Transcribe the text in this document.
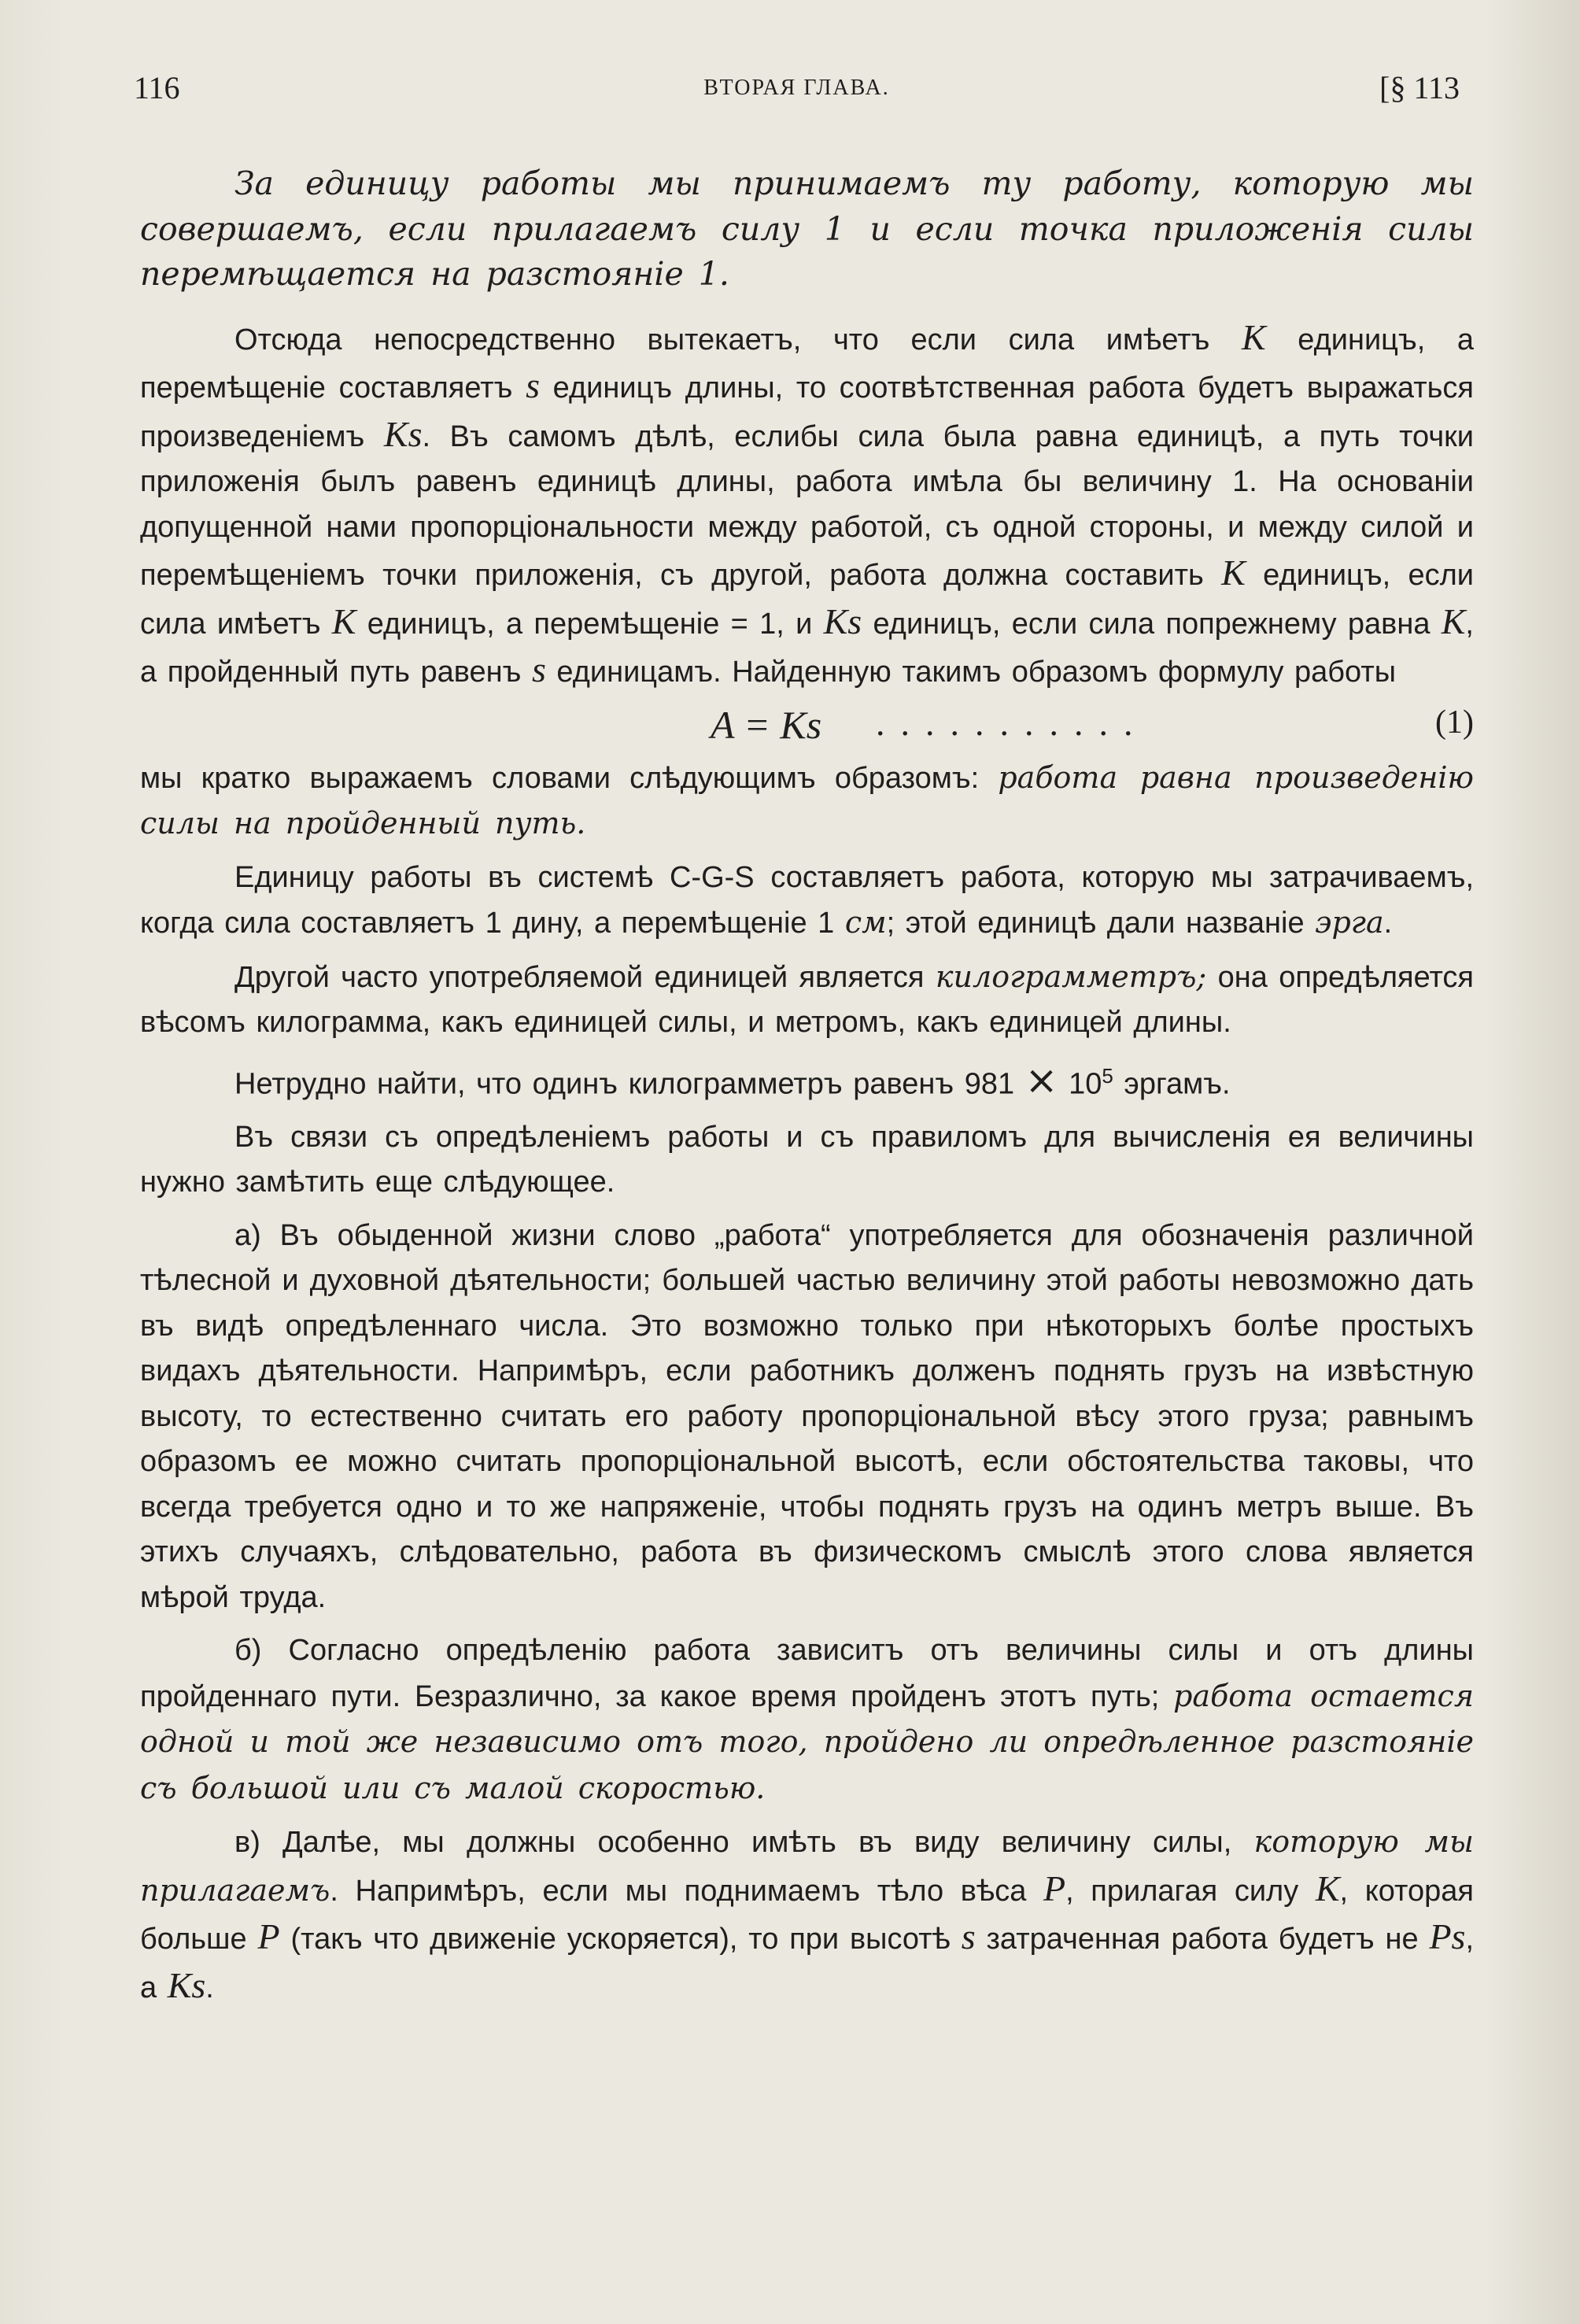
116	ВТОРАЯ ГЛАВА.	[§ 113

За единицу работы мы принимаемъ ту работу, которую мы совершаемъ, если прилагаемъ силу 1 и если точка приложенія силы перемѣщается на разстояніе 1.

Отсюда непосредственно вытекаетъ, что если сила имѣетъ K единицъ, а перемѣщеніе составляетъ s единицъ длины, то соотвѣтственная работа будетъ выражаться произведеніемъ Ks. Въ самомъ дѣлѣ, еслибы сила была равна единицѣ, а путь точки приложенія былъ равенъ единицѣ длины, работа имѣла бы величину 1. На основаніи допущенной нами пропорціональности между работой, съ одной стороны, и между силой и перемѣщеніемъ точки приложенія, съ другой, работа должна составить K единицъ, если сила имѣетъ K единицъ, а перемѣщеніе = 1, и Ks единицъ, если сила попрежнему равна K, а пройденный путь равенъ s единицамъ. Найденную такимъ образомъ формулу работы

A = Ks ...........	(1)

мы кратко выражаемъ словами слѣдующимъ образомъ: работа равна произведенію силы на пройденный путь.

Единицу работы въ системѣ C-G-S составляетъ работа, которую мы затрачиваемъ, когда сила составляетъ 1 дину, а перемѣщеніе 1 см; этой единицѣ дали названіе эрга.

Другой часто употребляемой единицей является килограмметръ; она опредѣляется вѣсомъ килограмма, какъ единицей силы, и метромъ, какъ единицей длины.

Нетрудно найти, что одинъ килограмметръ равенъ $981 \times 10^5$ эргамъ.

Въ связи съ опредѣленіемъ работы и съ правиломъ для вычисленія ея величины нужно замѣтить еще слѣдующее.

а) Въ обыденной жизни слово „работа“ употребляется для обозначенія различной тѣлесной и духовной дѣятельности; большей частью величину этой работы невозможно дать въ видѣ опредѣленнаго числа. Это возможно только при нѣкоторыхъ болѣе простыхъ видахъ дѣятельности. Напримѣръ, если работникъ долженъ поднять грузъ на извѣстную высоту, то естественно считать его работу пропорціональной вѣсу этого груза; равнымъ образомъ ее можно считать пропорціональной высотѣ, если обстоятельства таковы, что всегда требуется одно и то же напряженіе, чтобы поднять грузъ на одинъ метръ выше. Въ этихъ случаяхъ, слѣдовательно, работа въ физическомъ смыслѣ этого слова является мѣрой труда.

б) Согласно опредѣленію работа зависитъ отъ величины силы и отъ длины пройденнаго пути. Безразлично, за какое время пройденъ этотъ путь; работа остается одной и той же независимо отъ того, пройдено ли опредѣленное разстояніе съ большой или съ малой скоростью.

в) Далѣе, мы должны особенно имѣть въ виду величину силы, которую мы прилагаемъ. Напримѣръ, если мы поднимаемъ тѣло вѣса P, прилагая силу K, которая больше P (такъ что движеніе ускоряется), то при высотѣ s затраченная работа будетъ не Ps, а Ks.
